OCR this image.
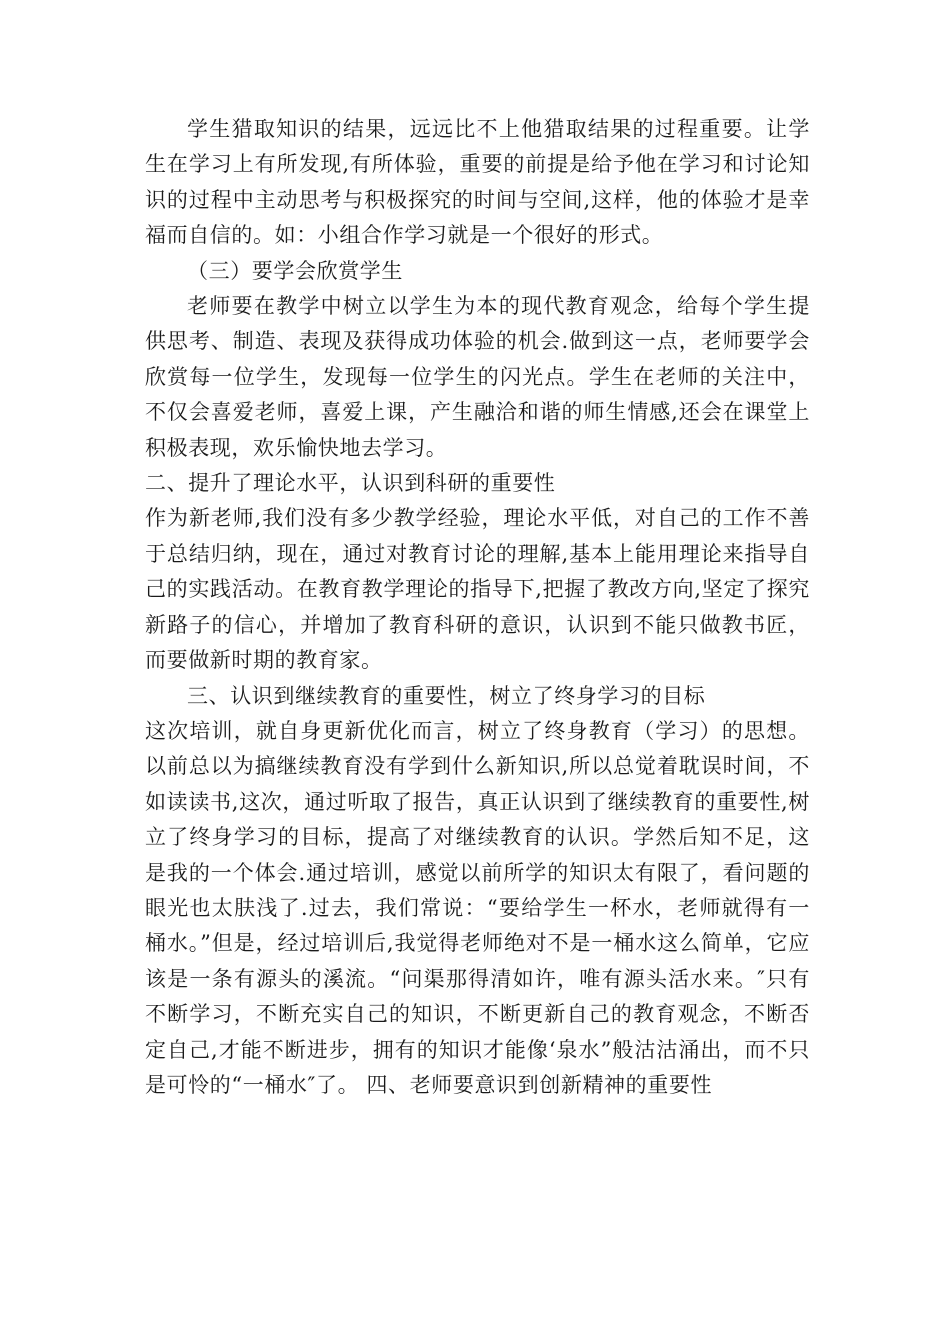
学生猎取知识的结果，远远比不上他猎取结果的过程重要。让学生在学习上有所发现,有所体验，重要的前提是给予他在学习和讨论知识的过程中主动思考与积极探究的时间与空间,这样，他的体验才是幸福而自信的。如：小组合作学习就是一个很好的形式。

（三）要学会欣赏学生

老师要在教学中树立以学生为本的现代教育观念，给每个学生提供思考、制造、表现及获得成功体验的机会.做到这一点，老师要学会欣赏每一位学生，发现每一位学生的闪光点。学生在老师的关注中，不仅会喜爱老师，喜爱上课，产生融洽和谐的师生情感,还会在课堂上积极表现，欢乐愉快地去学习。

二、提升了理论水平，认识到科研的重要性

作为新老师,我们没有多少教学经验，理论水平低，对自己的工作不善于总结归纳，现在，通过对教育讨论的理解,基本上能用理论来指导自己的实践活动。在教育教学理论的指导下,把握了教改方向,坚定了探究新路子的信心，并增加了教育科研的意识，认识到不能只做教书匠，而要做新时期的教育家。

三、认识到继续教育的重要性，树立了终身学习的目标

这次培训，就自身更新优化而言，树立了终身教育（学习）的思想。以前总以为搞继续教育没有学到什么新知识,所以总觉着耽误时间，不如读读书,这次，通过听取了报告，真正认识到了继续教育的重要性,树立了终身学习的目标，提高了对继续教育的认识。学然后知不足，这是我的一个体会.通过培训，感觉以前所学的知识太有限了，看问题的眼光也太肤浅了.过去，我们常说：“要给学生一杯水，老师就得有一桶水。”但是，经过培训后,我觉得老师绝对不是一桶水这么简单，它应该是一条有源头的溪流。“问渠那得清如许，唯有源头活水来。″只有不断学习，不断充实自己的知识，不断更新自己的教育观念，不断否定自己,才能不断进步，拥有的知识才能像‘泉水”般沽沽涌出，而不只是可怜的“一桶水″了。 四、老师要意识到创新精神的重要性
